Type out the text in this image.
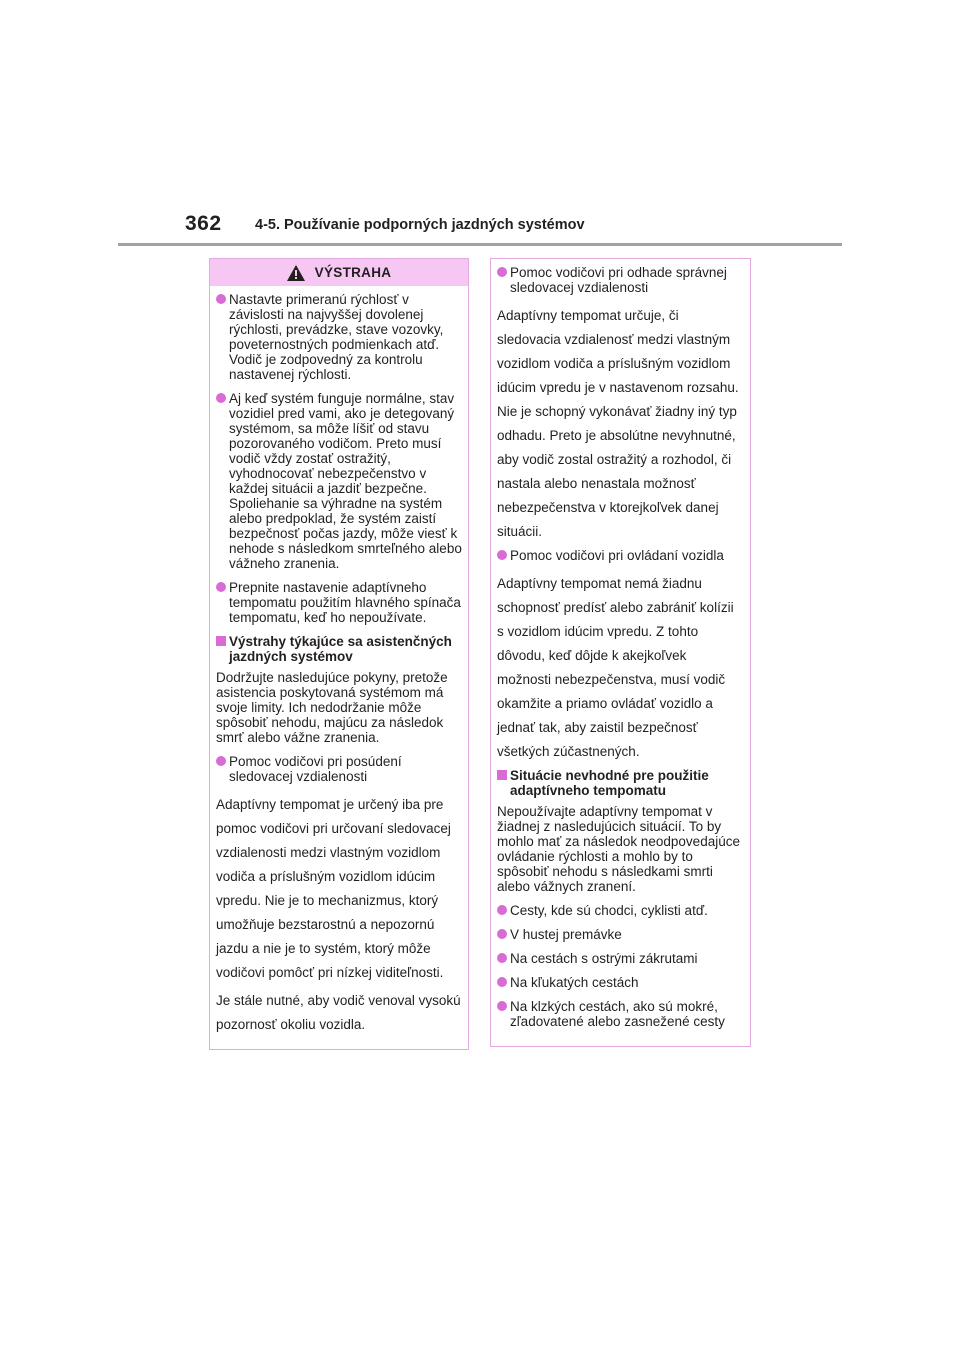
362 4-5. Používanie podporných jazdných systémov
VÝSTRAHA
Nastavte primeranú rýchlosť v závislosti na najvyššej dovolenej rýchlosti, prevádzke, stave vozovky, poveternostných podmienkach atď. Vodič je zodpovedný za kontrolu nastavenej rýchlosti.
Aj keď systém funguje normálne, stav vozidiel pred vami, ako je detegovaný systémom, sa môže líšiť od stavu pozorovaného vodičom. Preto musí vodič vždy zostať ostražitý, vyhodnocovať nebezpečenstvo v každej situácii a jazdiť bezpečne. Spoliehanie sa výhradne na systém alebo predpoklad, že systém zaistí bezpečnosť počas jazdy, môže viesť k nehode s následkom smrteľného alebo vážneho zranenia.
Prepnite nastavenie adaptívneho tempomatu použitím hlavného spínača tempomatu, keď ho nepoužívate.
Výstrahy týkajúce sa asistenčných jazdných systémov

Dodržujte nasledujúce pokyny, pretože asistencia poskytovaná systémom má svoje limity. Ich nedodržanie môže spôsobiť nehodu, majúcu za následok smrť alebo vážne zranenia.

Pomoc vodičovi pri posúdení sledovacej vzdialenosti

Adaptívny tempomat je určený iba pre pomoc vodičovi pri určovaní sledovacej vzdialenosti medzi vlastným vozidlom vodiča a príslušným vozidlom idúcim vpredu. Nie je to mechanizmus, ktorý umožňuje bezstarostnú a nepozornú jazdu a nie je to systém, ktorý môže vodičovi pomôcť pri nízkej viditeľnosti.

Je stále nutné, aby vodič venoval vysokú pozornosť okoliu vozidla.

Pomoc vodičovi pri odhade správnej sledovacej vzdialenosti

Adaptívny tempomat určuje, či sledovacia vzdialenosť medzi vlastným vozidlom vodiča a príslušným vozidlom idúcim vpredu je v nastavenom rozsahu. Nie je schopný vykonávať žiadny iný typ odhadu. Preto je absolútne nevyhnutné, aby vodič zostal ostražitý a rozhodol, či nastala alebo nenastala možnosť nebezpečenstva v ktorejkoľvek danej situácii.

Pomoc vodičovi pri ovládaní vozidla

Adaptívny tempomat nemá žiadnu schopnosť predísť alebo zabrániť kolízii s vozidlom idúcim vpredu. Z tohto dôvodu, keď dôjde k akejkoľvek možnosti nebezpečenstva, musí vodič okamžite a priamo ovládať vozidlo a jednať tak, aby zaistil bezpečnosť všetkých zúčastnených.

Situácie nevhodné pre použitie adaptívneho tempomatu

Nepoužívajte adaptívny tempomat v žiadnej z nasledujúcich situácií. To by mohlo mať za následok neodpovedajúce ovládanie rýchlosti a mohlo by to spôsobiť nehodu s následkami smrti alebo vážnych zranení.

Cesty, kde sú chodci, cyklisti atď.
V hustej premávke
Na cestách s ostrými zákrutami
Na kľukatých cestách
Na klzkých cestách, ako sú mokré, zľadovatené alebo zasnežené cesty
